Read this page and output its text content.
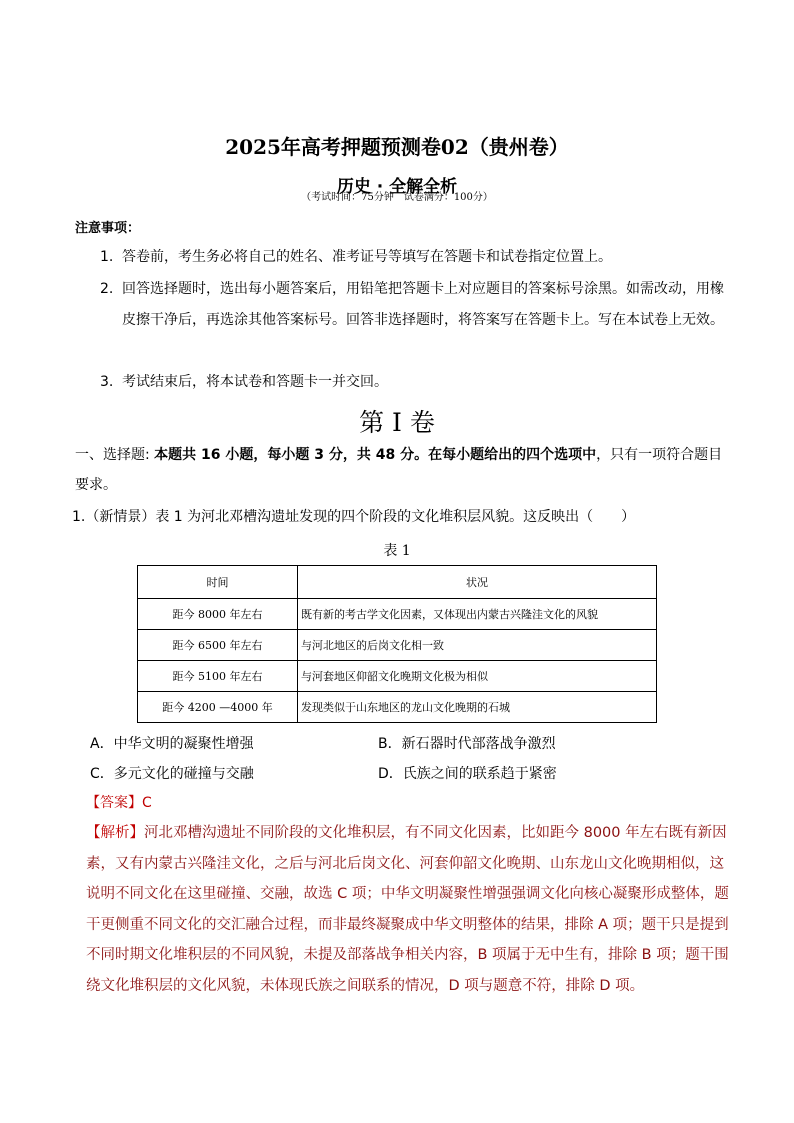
2025年高考押题预测卷02（贵州卷）
历史 · 全解全析
（考试时间：75分钟　试卷满分：100分）
注意事项：
1. 答卷前，考生务必将自己的姓名、准考证号等填写在答题卡和试卷指定位置上。
2. 回答选择题时，选出每小题答案后，用铅笔把答题卡上对应题目的答案标号涂黑。如需改动，用橡皮擦干净后，再选涂其他答案标号。回答非选择题时，将答案写在答题卡上。写在本试卷上无效。
3. 考试结束后，将本试卷和答题卡一并交回。
第 I 卷
一、选择题: 本题共 16 小题，每小题 3 分，共 48 分。在每小题给出的四个选项中，只有一项符合题目要求。
1.（新情景）表 1 为河北邓槽沟遗址发现的四个阶段的文化堆积层风貌。这反映出（　　）
表 1
时间	状况
距今 8000 年左右	既有新的考古学文化因素，又体现出内蒙古兴隆洼文化的风貌
距今 6500 年左右	与河北地区的后岗文化相一致
距今 5100 年左右	与河套地区仰韶文化晚期文化极为相似
距今 4200 —4000 年	发现类似于山东地区的龙山文化晚期的石城
A．中华文明的凝聚性增强	B．新石器时代部落战争激烈
C．多元文化的碰撞与交融	D．氏族之间的联系趋于紧密
【答案】C
【解析】河北邓槽沟遗址不同阶段的文化堆积层，有不同文化因素，比如距今 8000 年左右既有新因素，又有内蒙古兴隆洼文化，之后与河北后岗文化、河套仰韶文化晚期、山东龙山文化晚期相似，这说明不同文化在这里碰撞、交融，故选 C 项；中华文明凝聚性增强强调文化向核心凝聚形成整体，题干更侧重不同文化的交汇融合过程，而非最终凝聚成中华文明整体的结果，排除 A 项；题干只是提到不同时期文化堆积层的不同风貌，未提及部落战争相关内容，B 项属于无中生有，排除 B 项；题干围绕文化堆积层的文化风貌，未体现氏族之间联系的情况，D 项与题意不符，排除 D 项。
